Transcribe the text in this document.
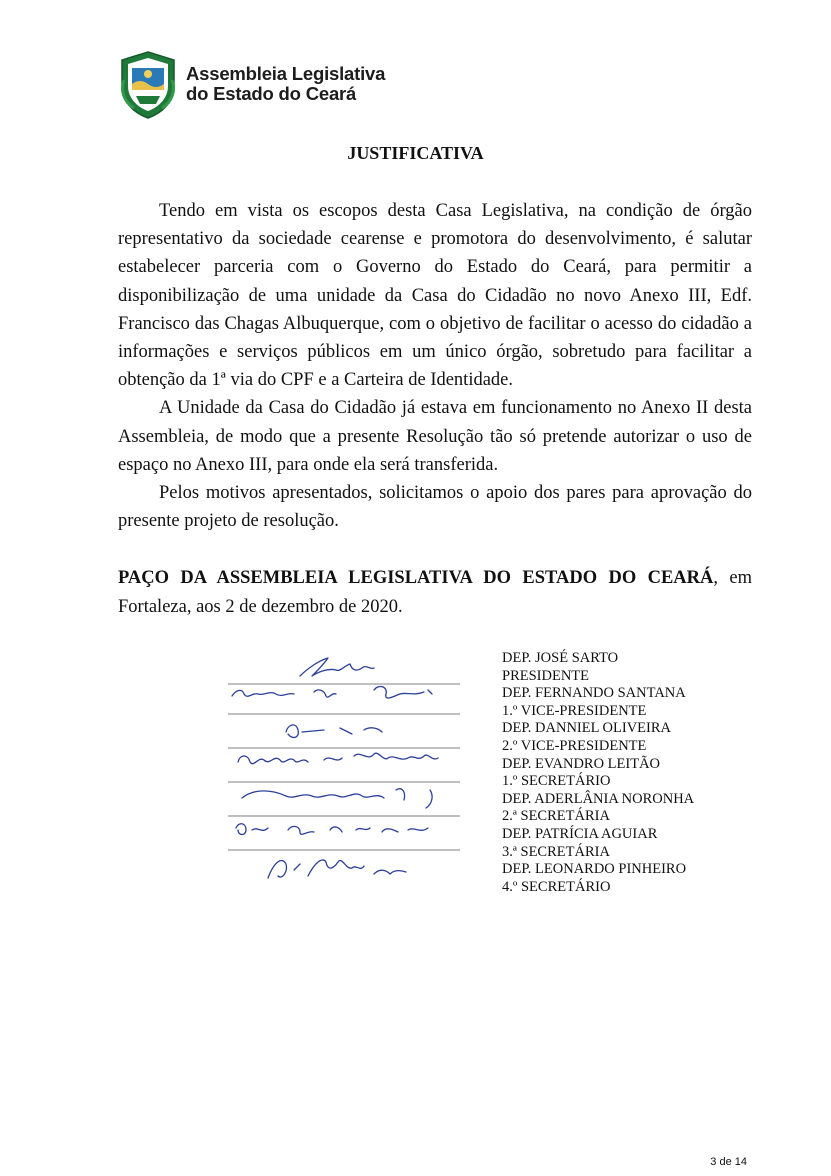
Assembleia Legislativa
do Estado do Ceará
JUSTIFICATIVA

Tendo em vista os escopos desta Casa Legislativa, na condição de órgão representativo da sociedade cearense e promotora do desenvolvimento, é salutar estabelecer parceria com o Governo do Estado do Ceará, para permitir a disponibilização de uma unidade da Casa do Cidadão no novo Anexo III, Edf. Francisco das Chagas Albuquerque, com o objetivo de facilitar o acesso do cidadão a informações e serviços públicos em um único órgão, sobretudo para facilitar a obtenção da 1ª via do CPF e a Carteira de Identidade.

A Unidade da Casa do Cidadão já estava em funcionamento no Anexo II desta Assembleia, de modo que a presente Resolução tão só pretende autorizar o uso de espaço no Anexo III, para onde ela será transferida.

Pelos motivos apresentados, solicitamos o apoio dos pares para aprovação do presente projeto de resolução.

PAÇO DA ASSEMBLEIA LEGISLATIVA DO ESTADO DO CEARÁ, em Fortaleza, aos 2 de dezembro de 2020.
DEP. JOSÉ SARTO
PRESIDENTE
DEP. FERNANDO SANTANA
1.º VICE-PRESIDENTE
DEP. DANNIEL OLIVEIRA
2.º VICE-PRESIDENTE
DEP. EVANDRO LEITÃO
1.º SECRETÁRIO
DEP. ADERLÂNIA NORONHA
2.ª SECRETÁRIA
DEP. PATRÍCIA AGUIAR
3.ª SECRETÁRIA
DEP. LEONARDO PINHEIRO
4.º SECRETÁRIO
3 de 14
